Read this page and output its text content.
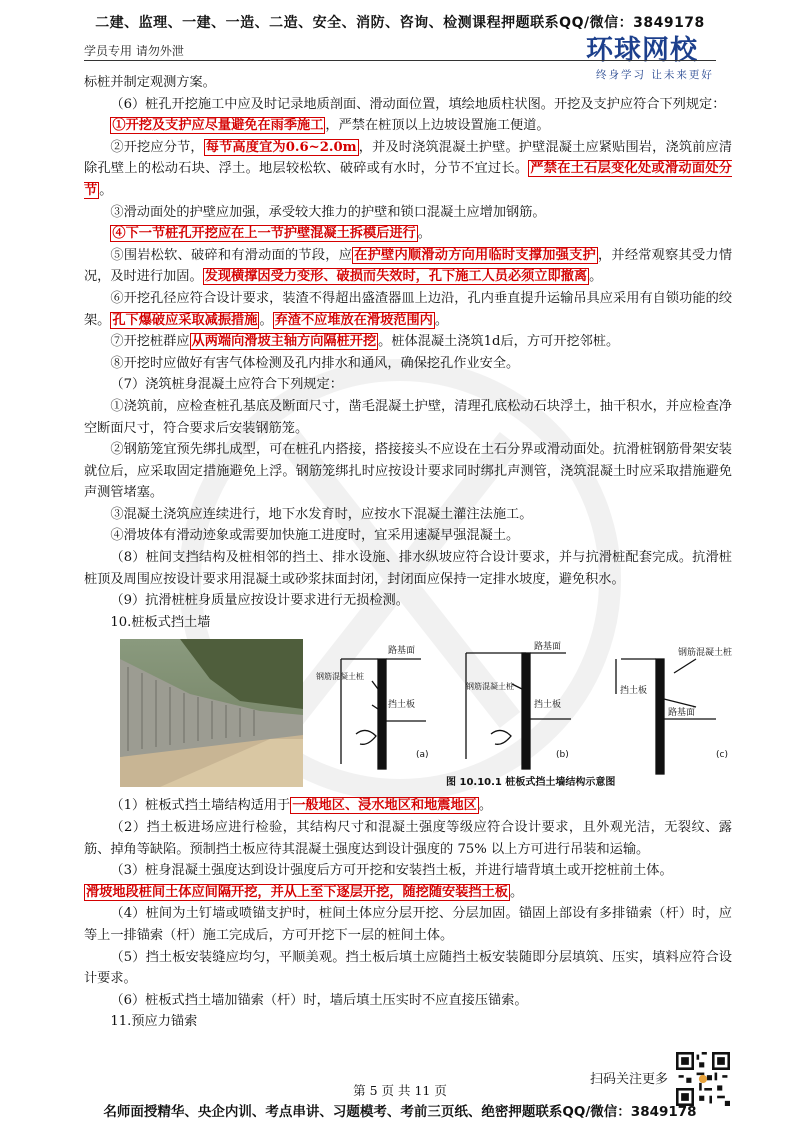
二建、监理、一建、一造、二造、安全、消防、咨询、检测课程押题联系QQ/微信：3849178
学员专用 请勿外泄	环球网校
终身学习 让未来更好

标桩并制定观测方案。

（6）桩孔开挖施工中应及时记录地质剖面、滑动面位置，填绘地质柱状图。开挖及支护应符合下列规定：

①开挖及支护应尽量避免在雨季施工 ，严禁在桩顶以上边坡设置施工便道。

②开挖应分节， 每节高度宜为0.6~2.0m ，并及时浇筑混凝土护壁。护壁混凝土应紧贴围岩，浇筑前应清除孔壁上的松动石块、浮土。地层较松软、破碎或有水时，分节不宜过长。 严禁在土石层变化处或滑动面处分节 。

③滑动面处的护壁应加强，承受较大推力的护壁和锁口混凝土应增加钢筋。

④下一节桩孔开挖应在上一节护壁混凝土拆模后进行 。

⑤围岩松软、破碎和有滑动面的节段，应 在护壁内顺滑动方向用临时支撑加强支护 ，并经常观察其受力情况，及时进行加固。 发现横撑因受力变形、破损而失效时，孔下施工人员必须立即撤离 。

⑥开挖孔径应符合设计要求，装渣不得超出盛渣器皿上边沿，孔内垂直提升运输吊具应采用有自锁功能的绞架。 孔下爆破应采取减振措施 。 弃渣不应堆放在滑坡范围内 。

⑦开挖桩群应 从两端向滑坡主轴方向隔桩开挖 。桩体混凝土浇筑1d后，方可开挖邻桩。

⑧开挖时应做好有害气体检测及孔内排水和通风，确保挖孔作业安全。

（7）浇筑桩身混凝土应符合下列规定：

①浇筑前，应检查桩孔基底及断面尺寸，凿毛混凝土护壁，清理孔底松动石块浮土，抽干积水，并应检查净空断面尺寸，符合要求后安装钢筋笼。

②钢筋笼宜预先绑扎成型，可在桩孔内搭接，搭接接头不应设在土石分界或滑动面处。抗滑桩钢筋骨架安装就位后，应采取固定措施避免上浮。钢筋笼绑扎时应按设计要求同时绑扎声测管，浇筑混凝土时应采取措施避免声测管堵塞。

③混凝土浇筑应连续进行，地下水发育时，应按水下混凝土灌注法施工。

④滑坡体有滑动迹象或需要加快施工进度时，宜采用速凝早强混凝土。

（8）桩间支挡结构及桩相邻的挡土、排水设施、排水纵坡应符合设计要求，并与抗滑桩配套完成。抗滑桩桩顶及周围应按设计要求用混凝土或砂浆抹面封闭，封闭面应保持一定排水坡度，避免积水。

（9）抗滑桩桩身质量应按设计要求进行无损检测。

10.桩板式挡土墙

路基面
钢筋混凝土桩
挡土板
(a)
路基面
钢筋混凝土桩
挡土板
(b)
钢筋混凝土桩
挡土板
路基面
(c)
图 10.10.1 桩板式挡土墙结构示意图

（1）桩板式挡土墙结构适用于 一般地区、浸水地区和地震地区 。

（2）挡土板进场应进行检验，其结构尺寸和混凝土强度等级应符合设计要求，且外观光洁，无裂纹、露筋、掉角等缺陷。预制挡土板应待其混凝土强度达到设计强度的 75% 以上方可进行吊装和运输。

（3）桩身混凝土强度达到设计强度后方可开挖和安装挡土板，并进行墙背填土或开挖桩前土体。

滑坡地段桩间土体应间隔开挖，并从上至下逐层开挖，随挖随安装挡土板 。

（4）桩间为土钉墙或喷锚支护时，桩间土体应分层开挖、分层加固。锚固上部设有多排锚索（杆）时，应等上一排锚索（杆）施工完成后，方可开挖下一层的桩间土体。

（5）挡土板安装缝应均匀，平顺美观。挡土板后填土应随挡土板安装随即分层填筑、压实，填料应符合设计要求。

（6）桩板式挡土墙加锚索（杆）时，墙后填土压实时不应直接压锚索。

11.预应力锚索

扫码关注更多
第 5 页 共 11 页
名师面授精华、央企内训、考点串讲、习题模考、考前三页纸、绝密押题联系QQ/微信：3849178
